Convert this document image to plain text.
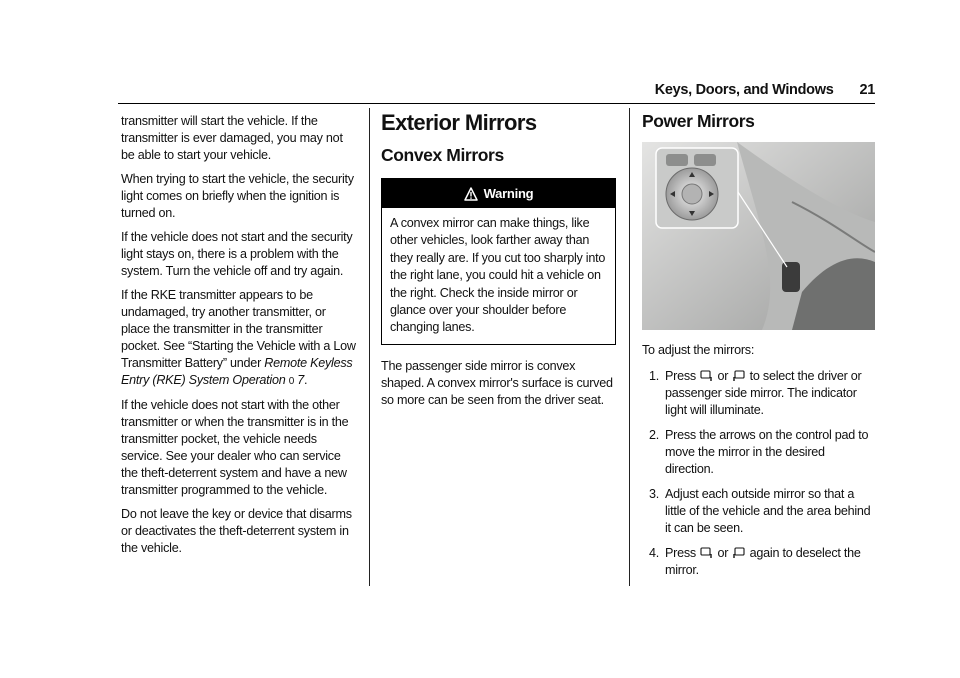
Keys, Doors, and Windows 21

transmitter will start the vehicle. If the transmitter is ever damaged, you may not be able to start your vehicle.

When trying to start the vehicle, the security light comes on briefly when the ignition is turned on.

If the vehicle does not start and the security light stays on, there is a problem with the system. Turn the vehicle off and try again.

If the RKE transmitter appears to be undamaged, try another transmitter, or place the transmitter in the transmitter pocket. See “Starting the Vehicle with a Low Transmitter Battery” under Remote Keyless Entry (RKE) System Operation 0 7.

If the vehicle does not start with the other transmitter or when the transmitter is in the transmitter pocket, the vehicle needs service. See your dealer who can service the theft-deterrent system and have a new transmitter programmed to the vehicle.

Do not leave the key or device that disarms or deactivates the theft-deterrent system in the vehicle.

Exterior Mirrors
Convex Mirrors
Warning
A convex mirror can make things, like other vehicles, look farther away than they really are. If you cut too sharply into the right lane, you could hit a vehicle on the right. Check the inside mirror or glance over your shoulder before changing lanes.

The passenger side mirror is convex shaped. A convex mirror's surface is curved so more can be seen from the driver seat.

Power Mirrors

To adjust the mirrors:

1. Press or to select the driver or passenger side mirror. The indicator light will illuminate.
2. Press the arrows on the control pad to move the mirror in the desired direction.
3. Adjust each outside mirror so that a little of the vehicle and the area behind it can be seen.
4. Press or again to deselect the mirror.
